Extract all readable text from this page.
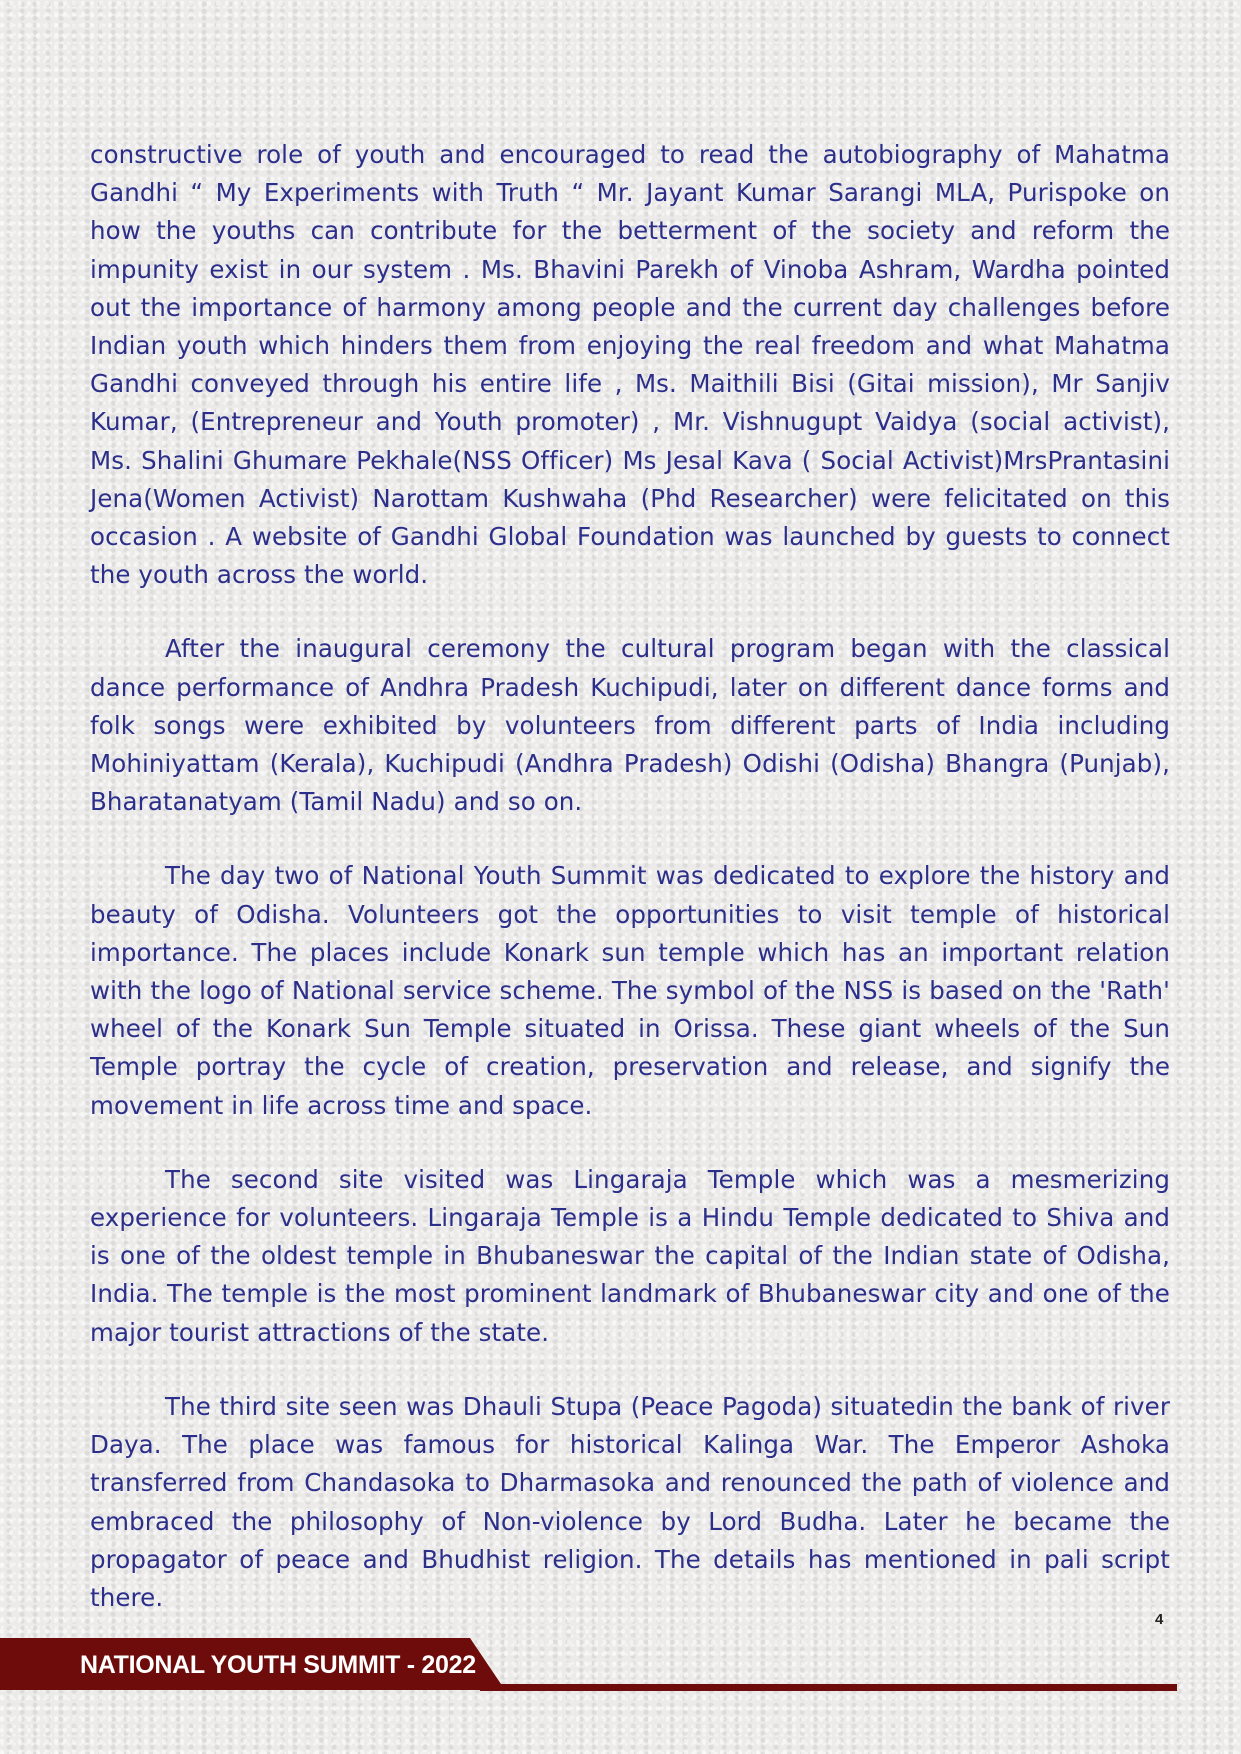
constructive role of youth and encouraged to read the autobiography of Mahatma Gandhi “ My Experiments with Truth “ Mr. Jayant Kumar Sarangi MLA, Purispoke on how the youths can contribute for the betterment of the society and reform the impunity exist in our system . Ms. Bhavini Parekh of Vinoba Ashram, Wardha pointed out the importance of harmony among people and the current day challenges before Indian youth which hinders them from enjoying the real freedom and what Mahatma Gandhi conveyed through his entire life , Ms. Maithili Bisi (Gitai mission), Mr Sanjiv Kumar, (Entrepreneur and Youth promoter) , Mr. Vishnugupt Vaidya (social activist), Ms. Shalini Ghumare Pekhale(NSS Officer) Ms Jesal Kava ( Social Activist)MrsPrantasini Jena(Women Activist) Narottam Kushwaha (Phd Researcher) were felicitated on this occasion . A website of Gandhi Global Foundation was launched by guests to connect the youth across the world.

After the inaugural ceremony the cultural program began with the classical dance performance of Andhra Pradesh Kuchipudi, later on different dance forms and folk songs were exhibited by volunteers from different parts of India including Mohiniyattam (Kerala), Kuchipudi (Andhra Pradesh) Odishi (Odisha) Bhangra (Punjab), Bharatanatyam (Tamil Nadu) and so on.

The day two of National Youth Summit was dedicated to explore the history and beauty of Odisha. Volunteers got the opportunities to visit temple of historical importance. The places include Konark sun temple which has an important relation with the logo of National service scheme. The symbol of the NSS is based on the 'Rath' wheel of the Konark Sun Temple situated in Orissa. These giant wheels of the Sun Temple portray the cycle of creation, preservation and release, and signify the movement in life across time and space.

The second site visited was Lingaraja Temple which was a mesmerizing experience for volunteers. Lingaraja Temple is a Hindu Temple dedicated to Shiva and is one of the oldest temple in Bhubaneswar the capital of the Indian state of Odisha, India. The temple is the most prominent landmark of Bhubaneswar city and one of the major tourist attractions of the state.

The third site seen was Dhauli Stupa (Peace Pagoda) situatedin the bank of river Daya. The place was famous for historical Kalinga War. The Emperor Ashoka transferred from Chandasoka to Dharmasoka and renounced the path of violence and embraced the philosophy of Non-violence by Lord Budha. Later he became the propagator of peace and Bhudhist religion. The details has mentioned in pali script there.

4
NATIONAL YOUTH SUMMIT - 2022
